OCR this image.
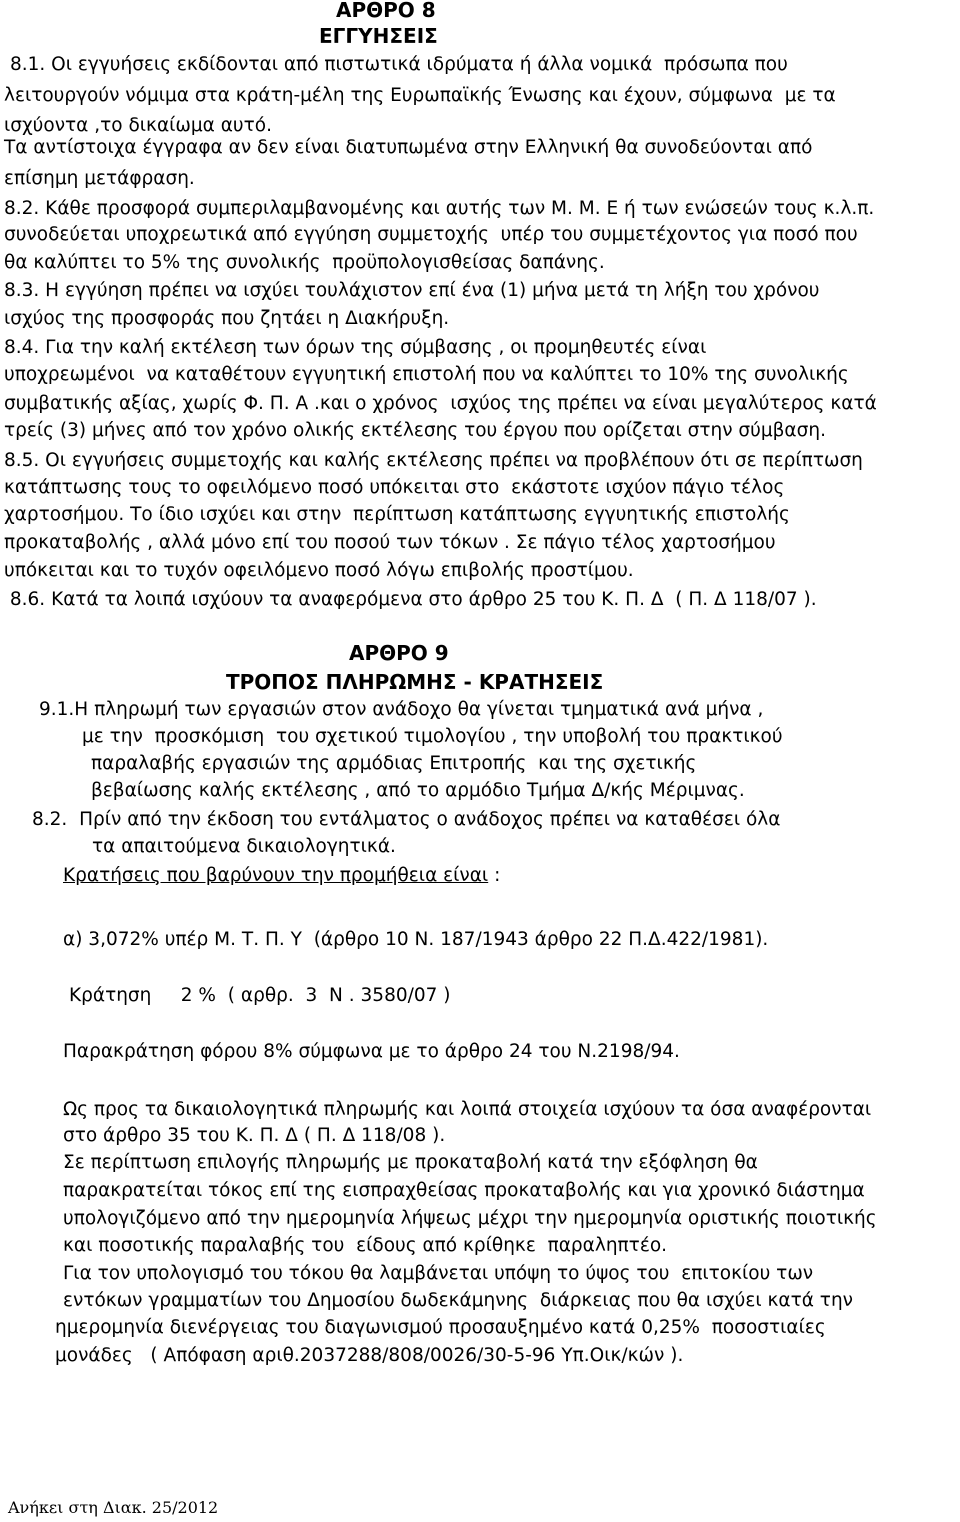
ΑΡΘΡΟ 8
ΕΓΓΥΗΣΕΙΣ
8.1. Οι εγγυήσεις εκδίδονται από πιστωτικά ιδρύματα ή άλλα νομικά  πρόσωπα που
λειτουργούν νόμιμα στα κράτη-μέλη της Ευρωπαϊκής Ένωσης και έχουν, σύμφωνα  με τα
ισχύοντα ,το δικαίωμα αυτό.
Τα αντίστοιχα έγγραφα αν δεν είναι διατυπωμένα στην Ελληνική θα συνοδεύονται από
επίσημη μετάφραση.
8.2. Κάθε προσφορά συμπεριλαμβανομένης και αυτής των Μ. Μ. Ε ή των ενώσεών τους κ.λ.π.
συνοδεύεται υποχρεωτικά από εγγύηση συμμετοχής  υπέρ του συμμετέχοντος για ποσό που
θα καλύπτει το 5% της συνολικής  προϋπολογισθείσας δαπάνης.
8.3. Η εγγύηση πρέπει να ισχύει τουλάχιστον επί ένα (1) μήνα μετά τη λήξη του χρόνου
ισχύος της προσφοράς που ζητάει η Διακήρυξη.
8.4. Για την καλή εκτέλεση των όρων της σύμβασης , οι προμηθευτές είναι
υποχρεωμένοι  να καταθέτουν εγγυητική επιστολή που να καλύπτει το 10% της συνολικής
συμβατικής αξίας, χωρίς Φ. Π. Α .και ο χρόνος  ισχύος της πρέπει να είναι μεγαλύτερος κατά
τρείς (3) μήνες από τον χρόνο ολικής εκτέλεσης του έργου που ορίζεται στην σύμβαση.
8.5. Οι εγγυήσεις συμμετοχής και καλής εκτέλεσης πρέπει να προβλέπουν ότι σε περίπτωση
κατάπτωσης τους το οφειλόμενο ποσό υπόκειται στο  εκάστοτε ισχύον πάγιο τέλος
χαρτοσήμου. Το ίδιο ισχύει και στην  περίπτωση κατάπτωσης εγγυητικής επιστολής
προκαταβολής , αλλά μόνο επί του ποσού των τόκων . Σε πάγιο τέλος χαρτοσήμου
υπόκειται και το τυχόν οφειλόμενο ποσό λόγω επιβολής προστίμου.
8.6. Κατά τα λοιπά ισχύουν τα αναφερόμενα στο άρθρο 25 του Κ. Π. Δ  ( Π. Δ 118/07 ).
ΑΡΘΡΟ 9
ΤΡΟΠΟΣ ΠΛΗΡΩΜΗΣ - ΚΡΑΤΗΣΕΙΣ
9.1.Η πληρωμή των εργασιών στον ανάδοχο θα γίνεται τμηματικά ανά μήνα ,
με την  προσκόμιση  του σχετικού τιμολογίου , την υποβολή του πρακτικού
παραλαβής εργασιών της αρμόδιας Επιτροπής  και της σχετικής
βεβαίωσης καλής εκτέλεσης , από το αρμόδιο Τμήμα Δ/κής Μέριμνας.
8.2.  Πρίν από την έκδοση του εντάλματος ο ανάδοχος πρέπει να καταθέσει όλα
τα απαιτούμενα δικαιολογητικά.
Κρατήσεις που βαρύνουν την προμήθεια είναι :
α) 3,072% υπέρ Μ. Τ. Π. Υ  (άρθρο 10 Ν. 187/1943 άρθρο 22 Π.Δ.422/1981).
Κράτηση     2 %  ( αρθρ.  3  Ν . 3580/07 )
Παρακράτηση φόρου 8% σύμφωνα με το άρθρο 24 του Ν.2198/94.
Ως προς τα δικαιολογητικά πληρωμής και λοιπά στοιχεία ισχύουν τα όσα αναφέρονται
στο άρθρο 35 του Κ. Π. Δ ( Π. Δ 118/08 ).
Σε περίπτωση επιλογής πληρωμής με προκαταβολή κατά την εξόφληση θα
παρακρατείται τόκος επί της εισπραχθείσας προκαταβολής και για χρονικό διάστημα
υπολογιζόμενο από την ημερομηνία λήψεως μέχρι την ημερομηνία οριστικής ποιοτικής
και ποσοτικής παραλαβής του  είδους από κρίθηκε  παραληπτέο.
Για τον υπολογισμό του τόκου θα λαμβάνεται υπόψη το ύψος του  επιτοκίου των
εντόκων γραμματίων του Δημοσίου δωδεκάμηνης  διάρκειας που θα ισχύει κατά την
ημερομηνία διενέργειας του διαγωνισμού προσαυξημένο κατά 0,25%  ποσοστιαίες
μονάδες   ( Απόφαση αριθ.2037288/808/0026/30-5-96 Υπ.Οικ/κών ).
Ανήκει στη Διακ. 25/2012
